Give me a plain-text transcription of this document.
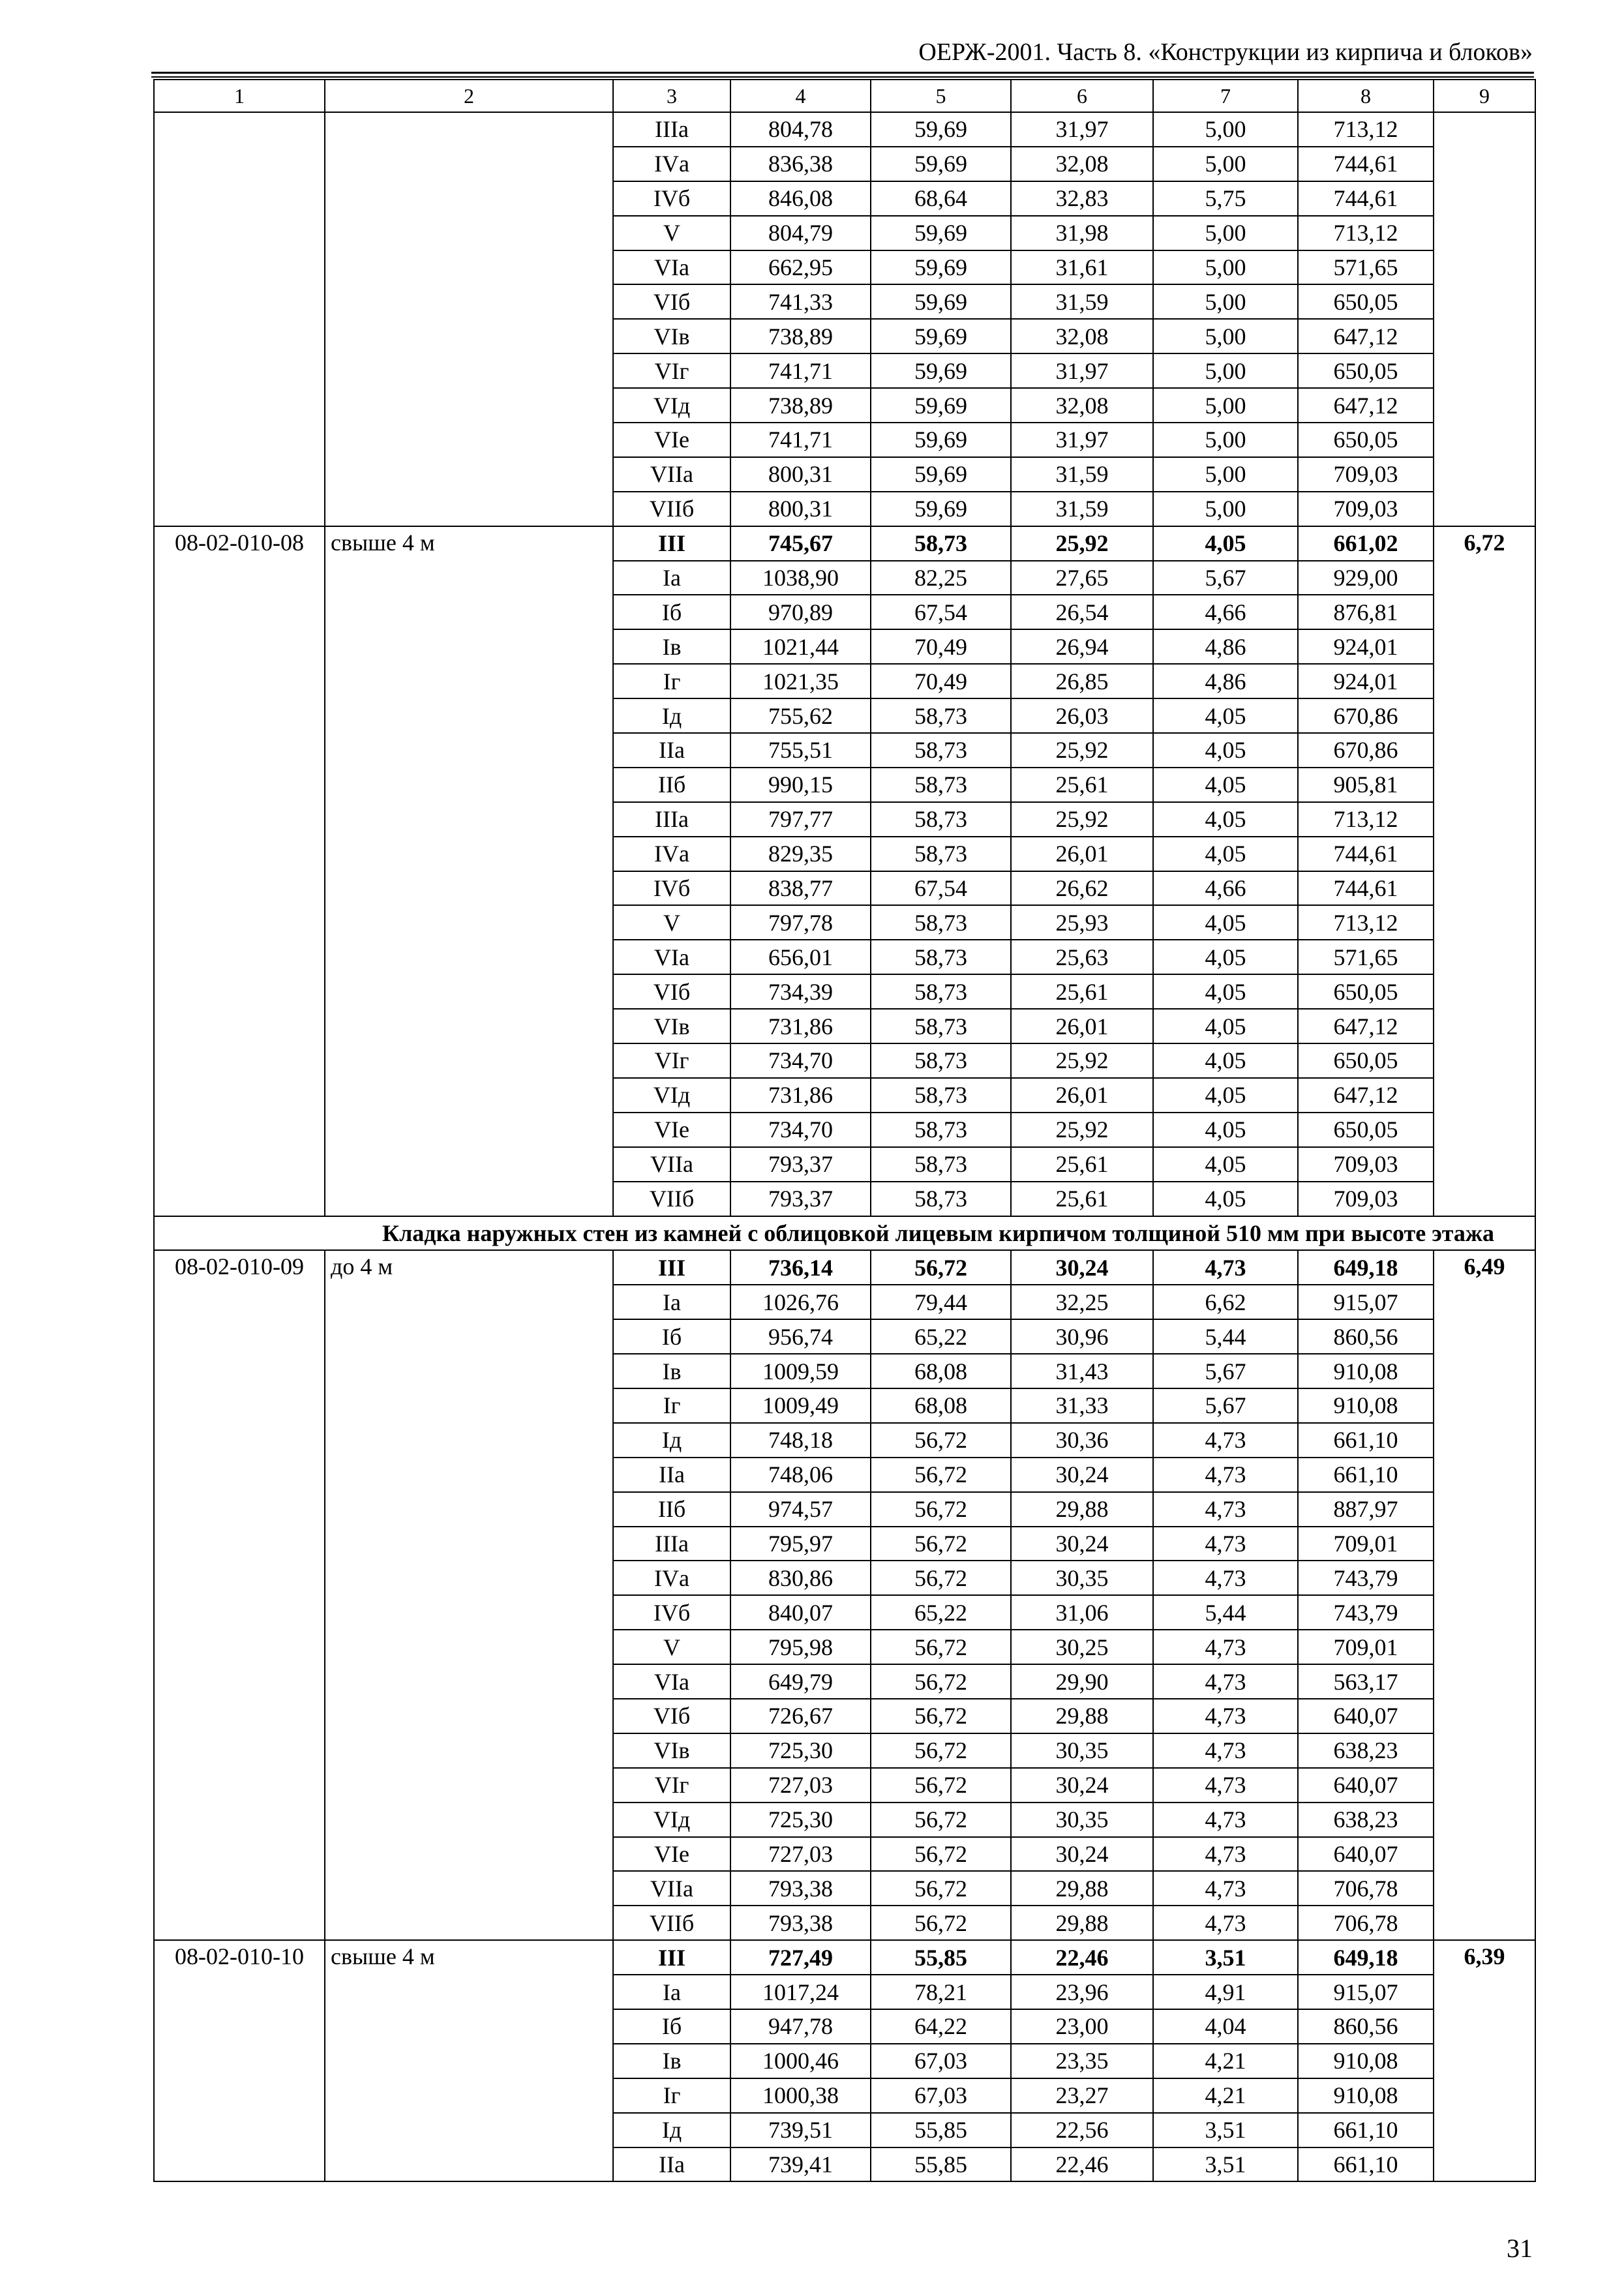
ОЕРЖ-2001. Часть 8. «Конструкции из кирпича и блоков»
1	2	3	4	5	6	7	8	9
		IIIа	804,78	59,69	31,97	5,00	713,12	
		IVа	836,38	59,69	32,08	5,00	744,61	
		IVб	846,08	68,64	32,83	5,75	744,61	
		V	804,79	59,69	31,98	5,00	713,12	
		VIа	662,95	59,69	31,61	5,00	571,65	
		VIб	741,33	59,69	31,59	5,00	650,05	
		VIв	738,89	59,69	32,08	5,00	647,12	
		VIг	741,71	59,69	31,97	5,00	650,05	
		VIд	738,89	59,69	32,08	5,00	647,12	
		VIе	741,71	59,69	31,97	5,00	650,05	
		VIIа	800,31	59,69	31,59	5,00	709,03	
		VIIб	800,31	59,69	31,59	5,00	709,03	
08-02-010-08	свыше 4 м	III	745,67	58,73	25,92	4,05	661,02	6,72
		Iа	1038,90	82,25	27,65	5,67	929,00	
		Iб	970,89	67,54	26,54	4,66	876,81	
		Iв	1021,44	70,49	26,94	4,86	924,01	
		Iг	1021,35	70,49	26,85	4,86	924,01	
		Iд	755,62	58,73	26,03	4,05	670,86	
		IIа	755,51	58,73	25,92	4,05	670,86	
		IIб	990,15	58,73	25,61	4,05	905,81	
		IIIа	797,77	58,73	25,92	4,05	713,12	
		IVа	829,35	58,73	26,01	4,05	744,61	
		IVб	838,77	67,54	26,62	4,66	744,61	
		V	797,78	58,73	25,93	4,05	713,12	
		VIа	656,01	58,73	25,63	4,05	571,65	
		VIб	734,39	58,73	25,61	4,05	650,05	
		VIв	731,86	58,73	26,01	4,05	647,12	
		VIг	734,70	58,73	25,92	4,05	650,05	
		VIд	731,86	58,73	26,01	4,05	647,12	
		VIе	734,70	58,73	25,92	4,05	650,05	
		VIIа	793,37	58,73	25,61	4,05	709,03	
		VIIб	793,37	58,73	25,61	4,05	709,03	
Кладка наружных стен из камней с облицовкой лицевым кирпичом толщиной 510 мм при высоте этажа								
08-02-010-09	до 4 м	III	736,14	56,72	30,24	4,73	649,18	6,49
		Iа	1026,76	79,44	32,25	6,62	915,07	
		Iб	956,74	65,22	30,96	5,44	860,56	
		Iв	1009,59	68,08	31,43	5,67	910,08	
		Iг	1009,49	68,08	31,33	5,67	910,08	
		Iд	748,18	56,72	30,36	4,73	661,10	
		IIа	748,06	56,72	30,24	4,73	661,10	
		IIб	974,57	56,72	29,88	4,73	887,97	
		IIIа	795,97	56,72	30,24	4,73	709,01	
		IVа	830,86	56,72	30,35	4,73	743,79	
		IVб	840,07	65,22	31,06	5,44	743,79	
		V	795,98	56,72	30,25	4,73	709,01	
		VIа	649,79	56,72	29,90	4,73	563,17	
		VIб	726,67	56,72	29,88	4,73	640,07	
		VIв	725,30	56,72	30,35	4,73	638,23	
		VIг	727,03	56,72	30,24	4,73	640,07	
		VIд	725,30	56,72	30,35	4,73	638,23	
		VIе	727,03	56,72	30,24	4,73	640,07	
		VIIа	793,38	56,72	29,88	4,73	706,78	
		VIIб	793,38	56,72	29,88	4,73	706,78	
08-02-010-10	свыше 4 м	III	727,49	55,85	22,46	3,51	649,18	6,39
		Iа	1017,24	78,21	23,96	4,91	915,07	
		Iб	947,78	64,22	23,00	4,04	860,56	
		Iв	1000,46	67,03	23,35	4,21	910,08	
		Iг	1000,38	67,03	23,27	4,21	910,08	
		Iд	739,51	55,85	22,56	3,51	661,10	
		IIа	739,41	55,85	22,46	3,51	661,10	
31
